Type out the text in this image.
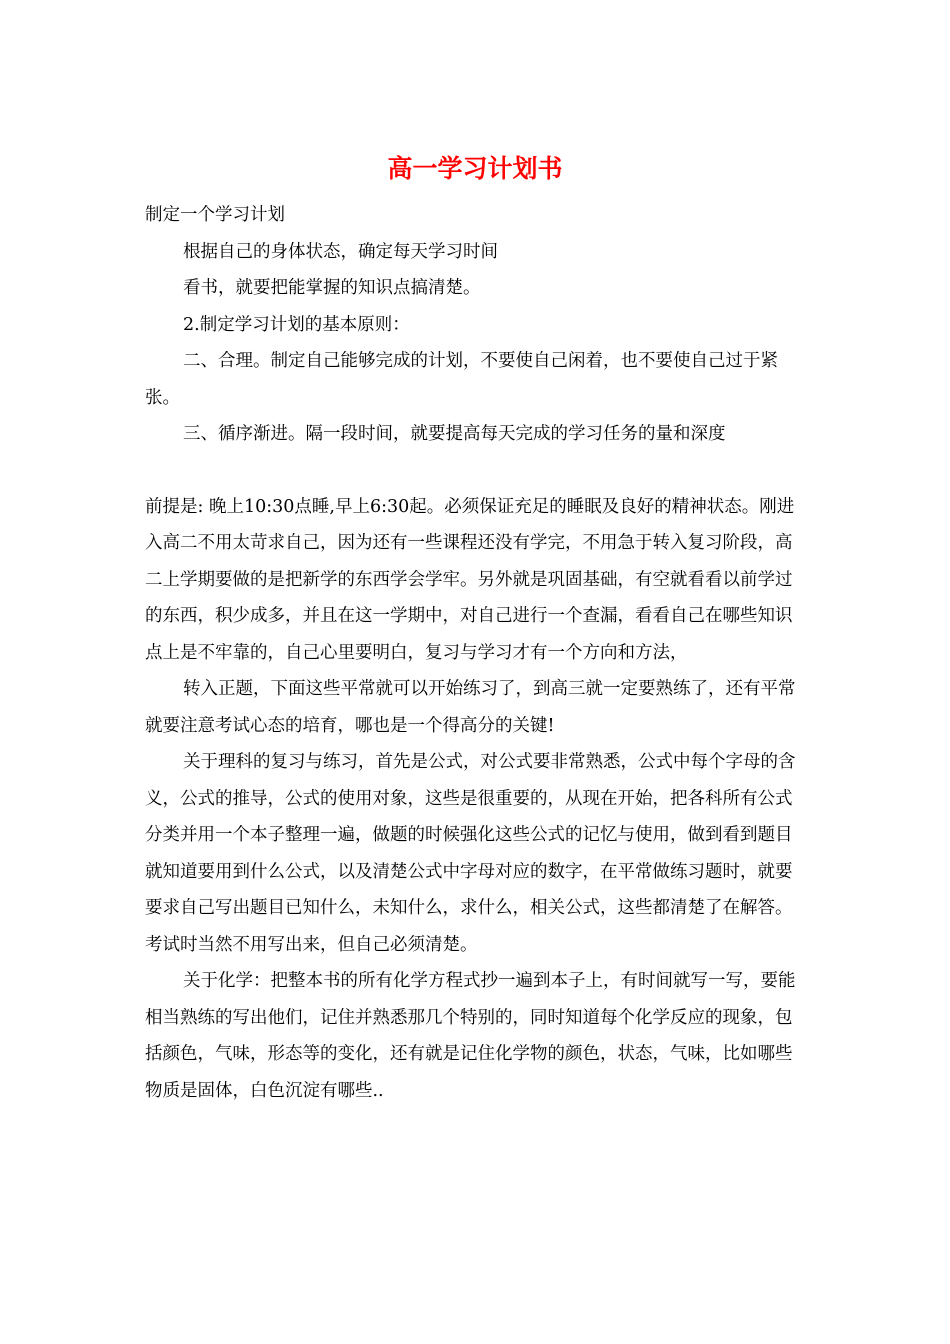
高一学习计划书

制定一个学习计划

根据自己的身体状态，确定每天学习时间

看书，就要把能掌握的知识点搞清楚。

2.制定学习计划的基本原则：

二、合理。制定自己能够完成的计划，不要使自己闲着，也不要使自己过于紧张。

三、循序渐进。隔一段时间，就要提高每天完成的学习任务的量和深度

前提是: 晚上10:30点睡,早上6:30起。必须保证充足的睡眠及良好的精神状态。刚进入高二不用太苛求自己，因为还有一些课程还没有学完，不用急于转入复习阶段，高二上学期要做的是把新学的东西学会学牢。另外就是巩固基础，有空就看看以前学过的东西，积少成多，并且在这一学期中，对自己进行一个查漏，看看自己在哪些知识点上是不牢靠的，自己心里要明白，复习与学习才有一个方向和方法，

转入正题，下面这些平常就可以开始练习了，到高三就一定要熟练了，还有平常就要注意考试心态的培育，哪也是一个得高分的关键!

关于理科的复习与练习，首先是公式，对公式要非常熟悉，公式中每个字母的含义，公式的推导，公式的使用对象，这些是很重要的，从现在开始，把各科所有公式分类并用一个本子整理一遍，做题的时候强化这些公式的记忆与使用，做到看到题目就知道要用到什么公式，以及清楚公式中字母对应的数字，在平常做练习题时，就要要求自己写出题目已知什么，未知什么，求什么，相关公式，这些都清楚了在解答。考试时当然不用写出来，但自己必须清楚。

关于化学：把整本书的所有化学方程式抄一遍到本子上，有时间就写一写，要能相当熟练的写出他们，记住并熟悉那几个特别的，同时知道每个化学反应的现象，包括颜色，气味，形态等的变化，还有就是记住化学物的颜色，状态，气味，比如哪些物质是固体，白色沉淀有哪些..
